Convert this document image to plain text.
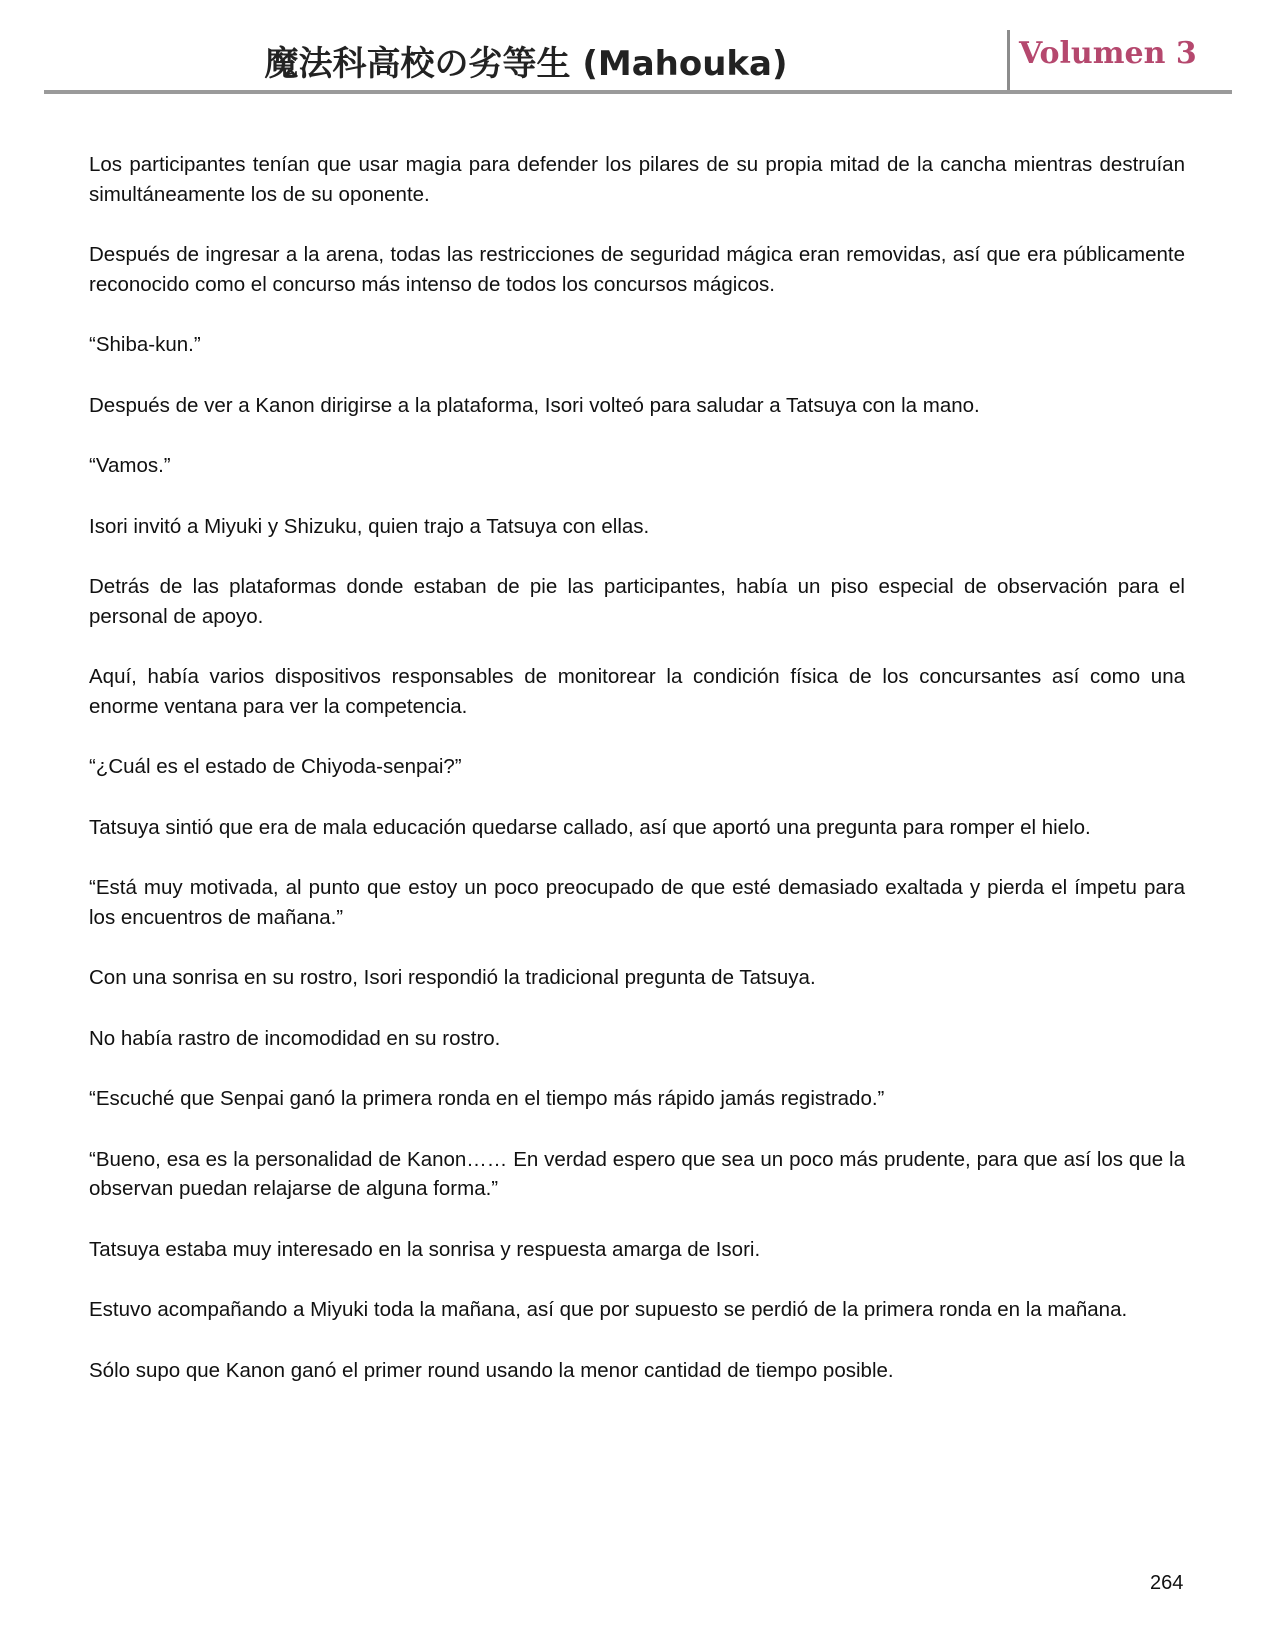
魔法科高校の劣等生 (Mahouka)	Volumen 3

Los participantes tenían que usar magia para defender los pilares de su propia mitad de la cancha mientras destruían simultáneamente los de su oponente.

Después de ingresar a la arena, todas las restricciones de seguridad mágica eran removidas, así que era públicamente reconocido como el concurso más intenso de todos los concursos mágicos.

“Shiba-kun.”

Después de ver a Kanon dirigirse a la plataforma, Isori volteó para saludar a Tatsuya con la mano.

“Vamos.”

Isori invitó a Miyuki y Shizuku, quien trajo a Tatsuya con ellas.

Detrás de las plataformas donde estaban de pie las participantes, había un piso especial de observación para el personal de apoyo.

Aquí, había varios dispositivos responsables de monitorear la condición física de los concursantes así como una enorme ventana para ver la competencia.

“¿Cuál es el estado de Chiyoda-senpai?”

Tatsuya sintió que era de mala educación quedarse callado, así que aportó una pregunta para romper el hielo.

“Está muy motivada, al punto que estoy un poco preocupado de que esté demasiado exaltada y pierda el ímpetu para los encuentros de mañana.”

Con una sonrisa en su rostro, Isori respondió la tradicional pregunta de Tatsuya.

No había rastro de incomodidad en su rostro.

“Escuché que Senpai ganó la primera ronda en el tiempo más rápido jamás registrado.”

“Bueno, esa es la personalidad de Kanon…… En verdad espero que sea un poco más prudente, para que así los que la observan puedan relajarse de alguna forma.”

Tatsuya estaba muy interesado en la sonrisa y respuesta amarga de Isori.

Estuvo acompañando a Miyuki toda la mañana, así que por supuesto se perdió de la primera ronda en la mañana.

Sólo supo que Kanon ganó el primer round usando la menor cantidad de tiempo posible.

264
